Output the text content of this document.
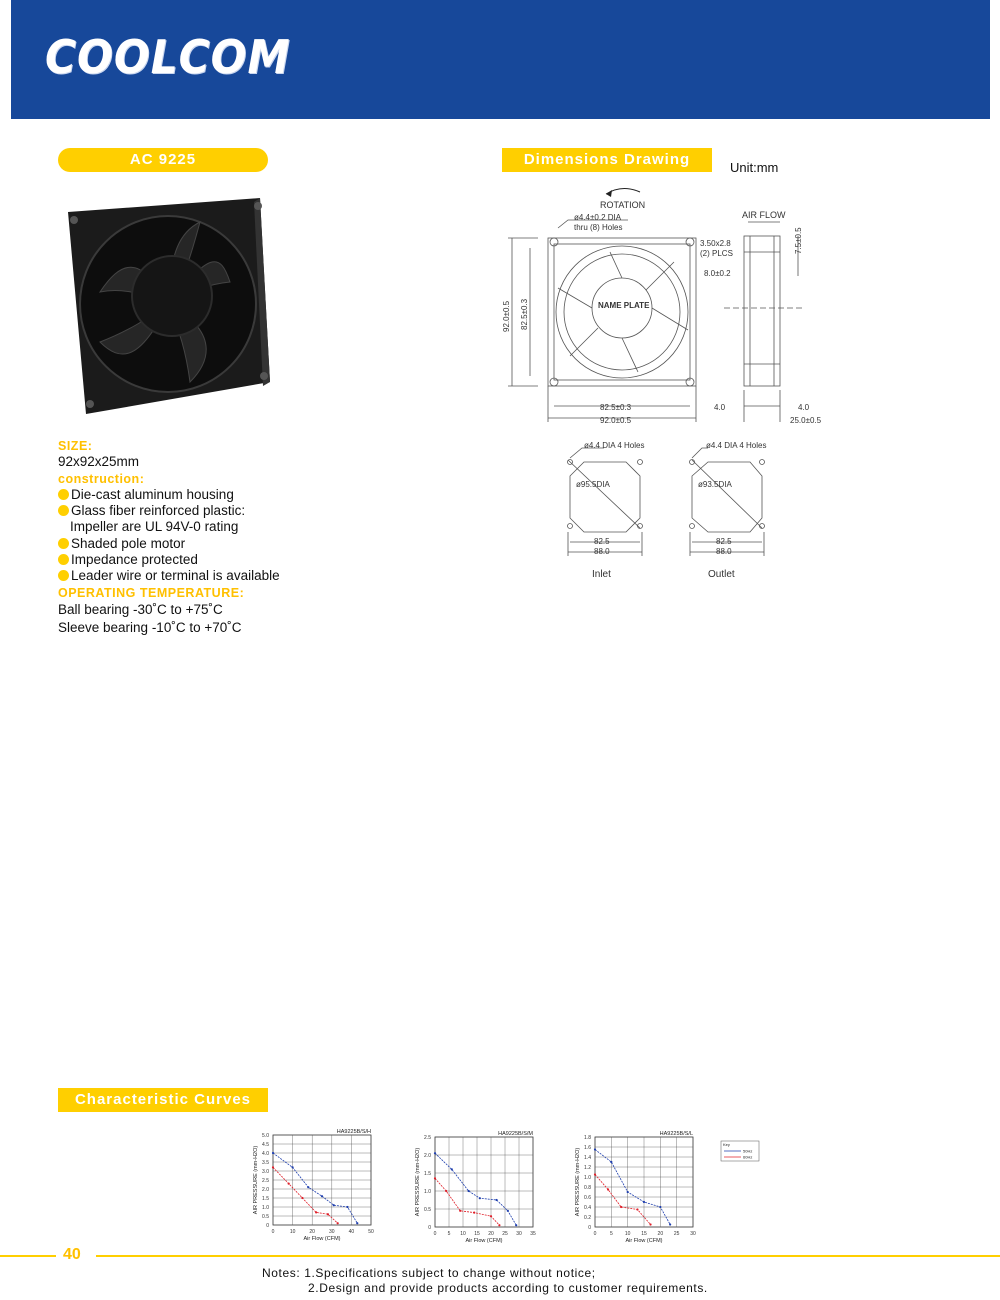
COOLCOM
AC 9225	Dimensions Drawing	Unit:mm
ROTATION
AIR FLOW
ø4.4±0.2 DIA
thru (8) Holes
3.50x2.8
(2) PLCS
8.0±0.2
NAME PLATE
92.0±0.5 82.5±0.3
82.5±0.3
92.0±0.5
4.0	4.0
25.0±0.5
7.5±0.5
ø4.4 DIA 4 Holes	ø4.4 DIA 4 Holes
ø95.5DIA	ø93.5DIA
82.5
88.0
82.5
88.0
Inlet	Outlet
SIZE:
92x92x25mm
construction:
Die-cast aluminum housing
Glass fiber reinforced plastic:
Impeller are UL 94V-0 rating
Shaded pole motor
Impedance protected
Leader wire or terminal is available
OPERATING TEMPERATURE:
Ball bearing -30˚C to +75˚C
Sleeve bearing -10˚C to +70˚C
Characteristic Curves
0	10	20	30	40	50
0
0.5
1.0
1.5
2.0
2.5
3.0
3.5
4.0
4.5
5.0
HA9225B/S/H
Air Flow (CFM)
AIR PRESSURE (mm-H2O)
0 5 10 15 20 25 30 35
0
0.5
1.0
1.5
2.0
2.5
HA9225B/S/M
Air Flow (CFM)
AIR PRESSURE (mm-H2O)
0	5 10 15 20 25 30
0
0.2
0.4
0.6
0.8
1.0
1.2
1.4
1.6
1.8
HA9225B/S/L
Air Flow (CFM)
AIR PRESSURE (mm-H2O)
Key
50Hz
60Hz
40
Notes: 1.Specifications subject to change without notice;
2.Design and provide products according to customer requirements.
